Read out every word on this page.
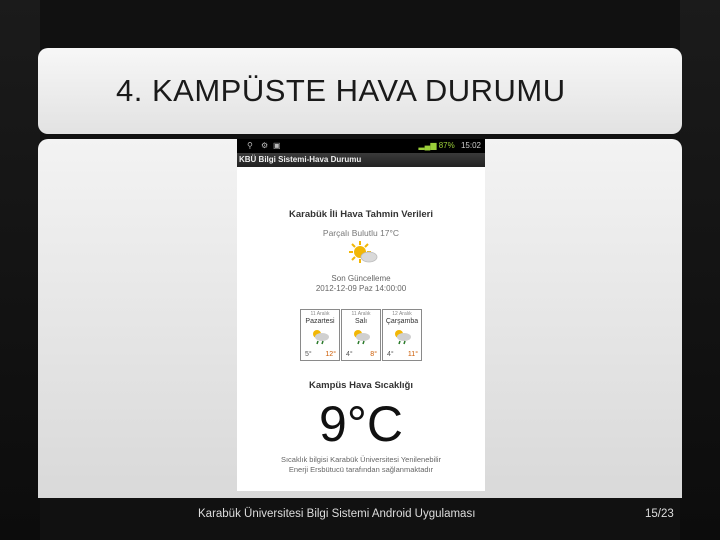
4. KAMPÜSTE HAVA DURUMU
⚲ ⚙ ▣	▂▄▆ 87% 15:02
KBÜ Bilgi Sistemi-Hava Durumu
Karabük İli Hava Tahmin Verileri
Parçalı Bulutlu 17°C
Son Güncelleme
2012-12-09 Paz 14:00:00
11 Aralık
Pazartesi
5° 12°
11 Aralık
Salı
4°	8°
12 Aralık
Çarşamba
4° 11°
Kampüs Hava Sıcaklığı
9°C
Sıcaklık bilgisi Karabük Üniversitesi Yenilenebilir Enerji Ersbütucü tarafından sağlanmaktadır
Karabük Üniversitesi Bilgi Sistemi Android Uygulaması	15/23
